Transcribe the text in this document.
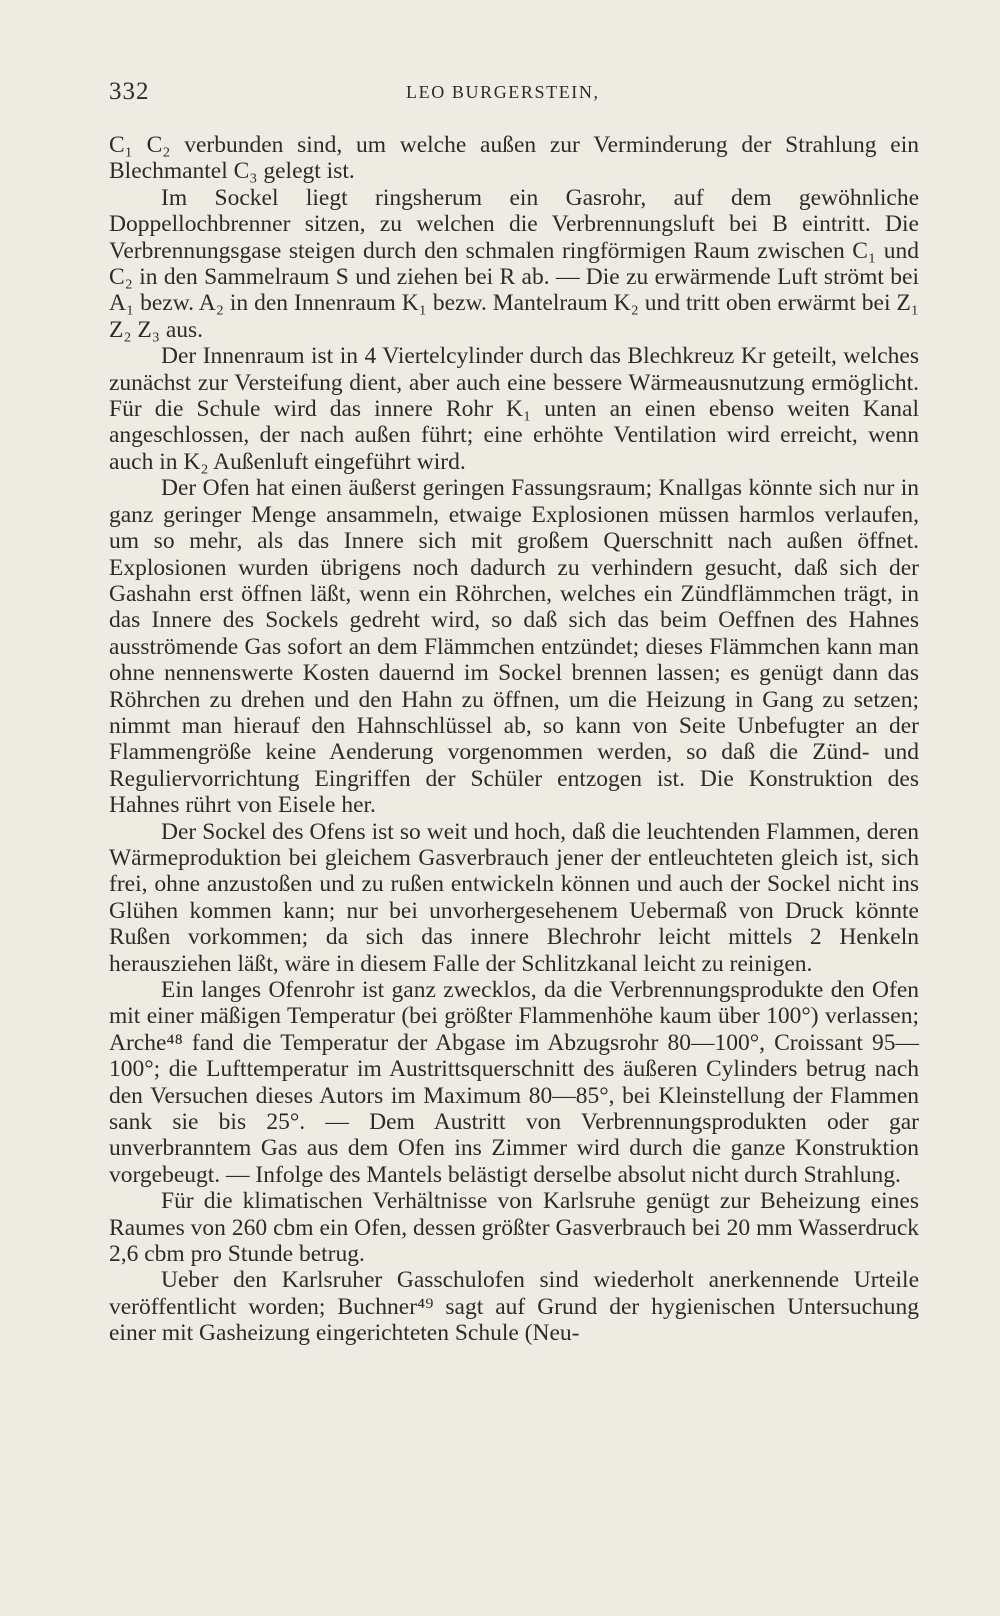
332	LEO BURGERSTEIN,

C₁ C₂ verbunden sind, um welche außen zur Verminderung der Strahlung ein Blechmantel C₃ gelegt ist.

Im Sockel liegt ringsherum ein Gasrohr, auf dem gewöhnliche Doppellochbrenner sitzen, zu welchen die Verbrennungsluft bei B eintritt. Die Verbrennungsgase steigen durch den schmalen ringförmigen Raum zwischen C₁ und C₂ in den Sammelraum S und ziehen bei R ab. — Die zu erwärmende Luft strömt bei A₁ bezw. A₂ in den Innenraum K₁ bezw. Mantelraum K₂ und tritt oben erwärmt bei Z₁ Z₂ Z₃ aus.

Der Innenraum ist in 4 Viertelcylinder durch das Blechkreuz Kr geteilt, welches zunächst zur Versteifung dient, aber auch eine bessere Wärmeausnutzung ermöglicht. Für die Schule wird das innere Rohr K₁ unten an einen ebenso weiten Kanal angeschlossen, der nach außen führt; eine erhöhte Ventilation wird erreicht, wenn auch in K₂ Außenluft eingeführt wird.

Der Ofen hat einen äußerst geringen Fassungsraum; Knallgas könnte sich nur in ganz geringer Menge ansammeln, etwaige Explosionen müssen harmlos verlaufen, um so mehr, als das Innere sich mit großem Querschnitt nach außen öffnet. Explosionen wurden übrigens noch dadurch zu verhindern gesucht, daß sich der Gashahn erst öffnen läßt, wenn ein Röhrchen, welches ein Zündflämmchen trägt, in das Innere des Sockels gedreht wird, so daß sich das beim Oeffnen des Hahnes ausströmende Gas sofort an dem Flämmchen entzündet; dieses Flämmchen kann man ohne nennenswerte Kosten dauernd im Sockel brennen lassen; es genügt dann das Röhrchen zu drehen und den Hahn zu öffnen, um die Heizung in Gang zu setzen; nimmt man hierauf den Hahnschlüssel ab, so kann von Seite Unbefugter an der Flammengröße keine Aenderung vorgenommen werden, so daß die Zünd- und Reguliervorrichtung Eingriffen der Schüler entzogen ist. Die Konstruktion des Hahnes rührt von Eisele her.

Der Sockel des Ofens ist so weit und hoch, daß die leuchtenden Flammen, deren Wärmeproduktion bei gleichem Gasverbrauch jener der entleuchteten gleich ist, sich frei, ohne anzustoßen und zu rußen entwickeln können und auch der Sockel nicht ins Glühen kommen kann; nur bei unvorhergesehenem Uebermaß von Druck könnte Rußen vorkommen; da sich das innere Blechrohr leicht mittels 2 Henkeln herausziehen läßt, wäre in diesem Falle der Schlitzkanal leicht zu reinigen.

Ein langes Ofenrohr ist ganz zwecklos, da die Verbrennungsprodukte den Ofen mit einer mäßigen Temperatur (bei größter Flammenhöhe kaum über 100°) verlassen; Arche⁴⁸ fand die Temperatur der Abgase im Abzugsrohr 80—100°, Croissant 95—100°; die Lufttemperatur im Austrittsquerschnitt des äußeren Cylinders betrug nach den Versuchen dieses Autors im Maximum 80—85°, bei Kleinstellung der Flammen sank sie bis 25°. — Dem Austritt von Verbrennungsprodukten oder gar unverbranntem Gas aus dem Ofen ins Zimmer wird durch die ganze Konstruktion vorgebeugt. — Infolge des Mantels belästigt derselbe absolut nicht durch Strahlung.

Für die klimatischen Verhältnisse von Karlsruhe genügt zur Beheizung eines Raumes von 260 cbm ein Ofen, dessen größter Gasverbrauch bei 20 mm Wasserdruck 2,6 cbm pro Stunde betrug.

Ueber den Karlsruher Gasschulofen sind wiederholt anerkennende Urteile veröffentlicht worden; Buchner⁴⁹ sagt auf Grund der hygienischen Untersuchung einer mit Gasheizung eingerichteten Schule (Neu-
